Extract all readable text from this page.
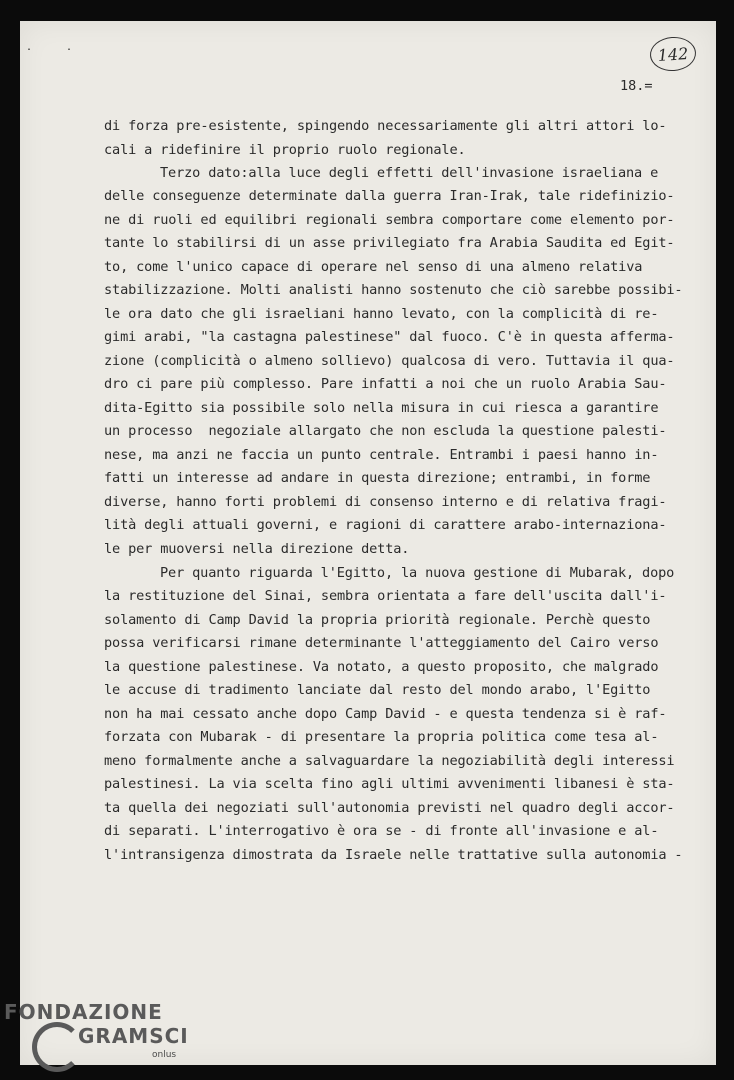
. .	142
18.=
di forza pre-esistente, spingendo necessariamente gli altri attori lo-
cali a ridefinire il proprio ruolo regionale.
Terzo dato:alla luce degli effetti dell'invasione israeliana e
delle conseguenze determinate dalla guerra Iran-Irak, tale ridefinizio-
ne di ruoli ed equilibri regionali sembra comportare come elemento por-
tante lo stabilirsi di un asse privilegiato fra Arabia Saudita ed Egit-
to, come l'unico capace di operare nel senso di una almeno relativa
stabilizzazione. Molti analisti hanno sostenuto che ciò sarebbe possibi-
le ora dato che gli israeliani hanno levato, con la complicità di re-
gimi arabi, "la castagna palestinese" dal fuoco. C'è in questa afferma-
zione (complicità o almeno sollievo) qualcosa di vero. Tuttavia il qua-
dro ci pare più complesso. Pare infatti a noi che un ruolo Arabia Sau-
dita-Egitto sia possibile solo nella misura in cui riesca a garantire
un processo  negoziale allargato che non escluda la questione palesti-
nese, ma anzi ne faccia un punto centrale. Entrambi i paesi hanno in-
fatti un interesse ad andare in questa direzione; entrambi, in forme
diverse, hanno forti problemi di consenso interno e di relativa fragi-
lità degli attuali governi, e ragioni di carattere arabo-internaziona-
le per muoversi nella direzione detta.
Per quanto riguarda l'Egitto, la nuova gestione di Mubarak, dopo
la restituzione del Sinai, sembra orientata a fare dell'uscita dall'i-
solamento di Camp David la propria priorità regionale. Perchè questo
possa verificarsi rimane determinante l'atteggiamento del Cairo verso
la questione palestinese. Va notato, a questo proposito, che malgrado
le accuse di tradimento lanciate dal resto del mondo arabo, l'Egitto
non ha mai cessato anche dopo Camp David - e questa tendenza si è raf-
forzata con Mubarak - di presentare la propria politica come tesa al-
meno formalmente anche a salvaguardare la negoziabilità degli interessi
palestinesi. La via scelta fino agli ultimi avvenimenti libanesi è sta-
ta quella dei negoziati sull'autonomia previsti nel quadro degli accor-
di separati. L'interrogativo è ora se - di fronte all'invasione e al-
l'intransigenza dimostrata da Israele nelle trattative sulla autonomia -
FONDAZIONE
GRAMSCI
onlus
